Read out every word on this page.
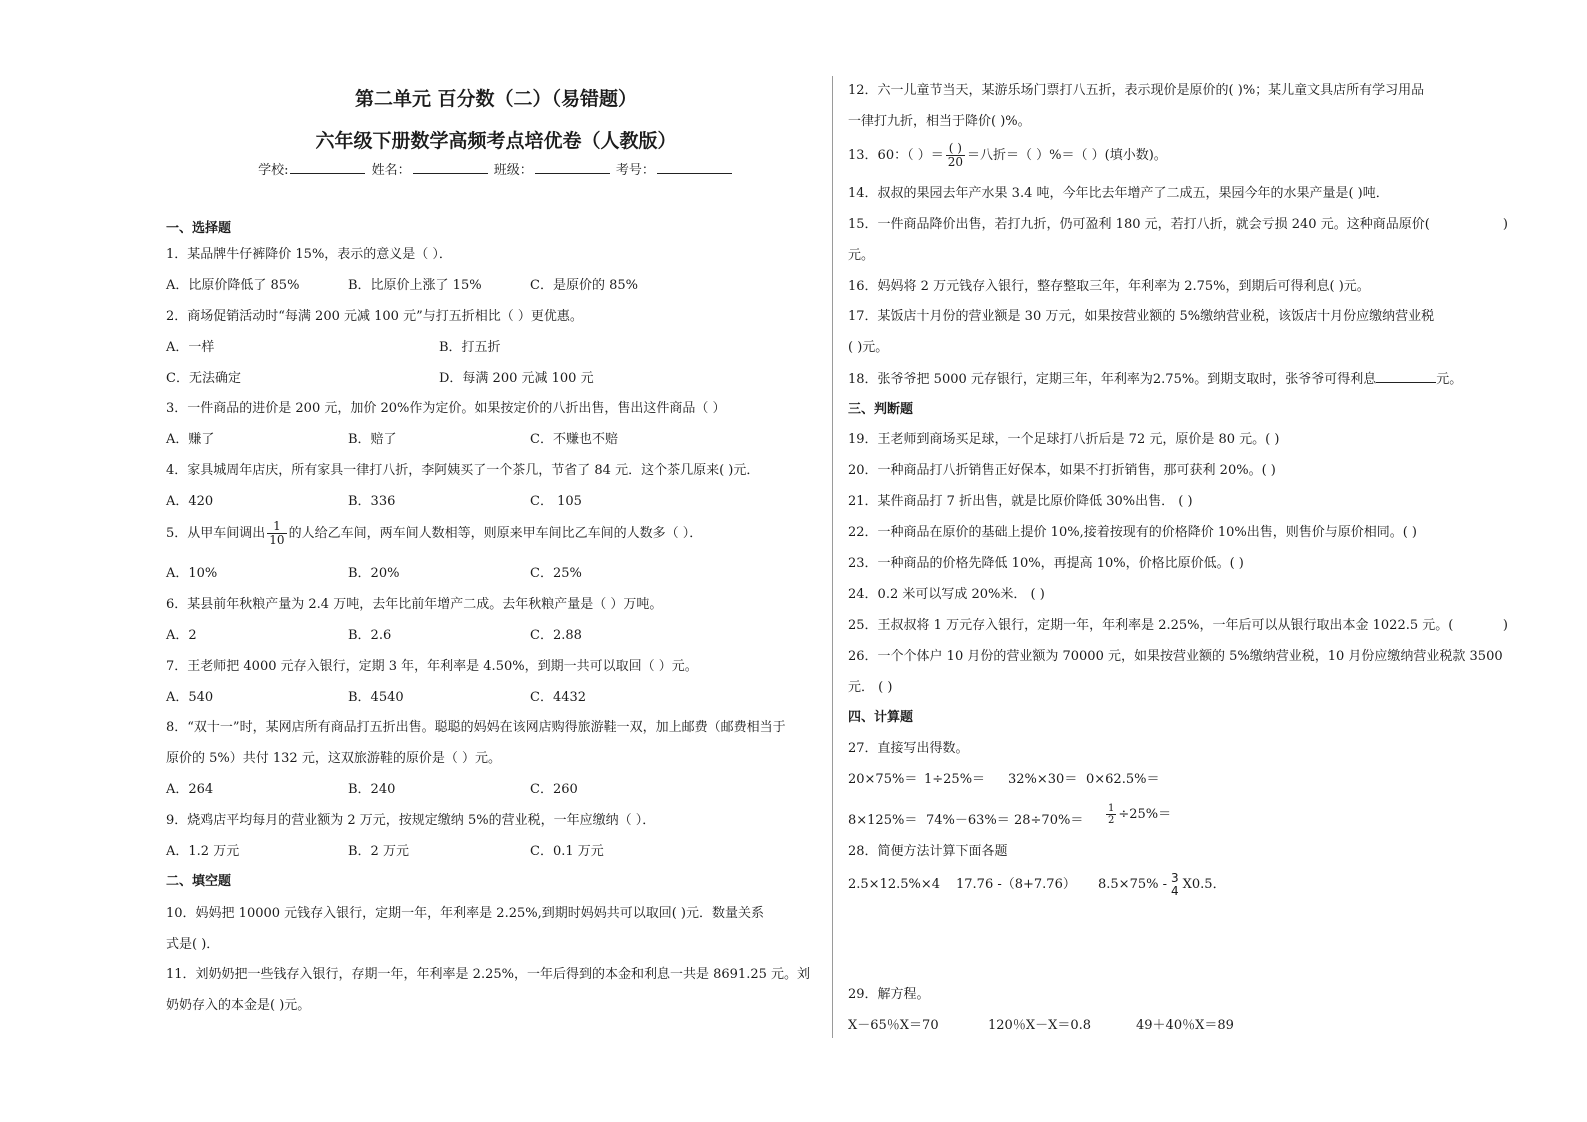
第二单元 百分数（二）（易错题）
六年级下册数学高频考点培优卷（人教版）
学校:	姓名：	班级：	考号：
一、选择题
1．某品牌牛仔裤降价 15%，表示的意义是（ ）．
A．比原价降低了 85%	B．比原价上涨了 15%	C．是原价的 85%
2．商场促销活动时“每满 200 元减 100 元”与打五折相比（ ）更优惠。
A．一样	B．打五折
C．无法确定	D．每满 200 元减 100 元
3．一件商品的进价是 200 元，加价 20%作为定价。如果按定价的八折出售，售出这件商品（ ）
A．赚了	B．赔了	C．不赚也不赔
4．家具城周年店庆，所有家具一律打八折，李阿姨买了一个茶几，节省了 84 元．这个茶几原来( )元．
A．420	B．336	C． 105
5．从甲车间调出 $\frac{1}{10}$ 的人给乙车间，两车间人数相等，则原来甲车间比乙车间的人数多（ ）．
A．10%	B．20%	C．25%
6．某县前年秋粮产量为 2.4 万吨，去年比前年增产二成。去年秋粮产量是（ ）万吨。
A．2	B．2.6	C．2.88
7．王老师把 4000 元存入银行，定期 3 年，年利率是 4.50%，到期一共可以取回（ ）元。
A．540	B．4540	C．4432
8．“双十一”时，某网店所有商品打五折出售。聪聪的妈妈在该网店购得旅游鞋一双，加上邮费（邮费相当于
原价的 5%）共付 132 元，这双旅游鞋的原价是（ ）元。
A．264	B．240	C．260
9．烧鸡店平均每月的营业额为 2 万元，按规定缴纳 5%的营业税，一年应缴纳（ ）．
A．1.2 万元	B．2 万元	C．0.1 万元
二、填空题
10．妈妈把 10000 元钱存入银行，定期一年，年利率是 2.25%,到期时妈妈共可以取回( )元．数量关系
式是( )．
11．刘奶奶把一些钱存入银行，存期一年，年利率是 2.25%，一年后得到的本金和利息一共是 8691.25 元。刘
奶奶存入的本金是( )元。
12．六一儿童节当天，某游乐场门票打八五折，表示现价是原价的( )%；某儿童文具店所有学习用品
一律打九折，相当于降价( )%。
13．60：（ ）＝ $\frac{( )}{20}$ ＝八折＝（ ）%＝（ ）(填小数)。
14．叔叔的果园去年产水果 3.4 吨，今年比去年增产了二成五，果园今年的水果产量是( )吨．
15．一件商品降价出售，若打九折，仍可盈利 180 元，若打八折，就会亏损 240 元。这种商品原价(	)
元。
16．妈妈将 2 万元钱存入银行，整存整取三年，年利率为 2.75%，到期后可得利息( )元。
17．某饭店十月份的营业额是 30 万元，如果按营业额的 5%缴纳营业税，该饭店十月份应缴纳营业税
( )元。
18．张爷爷把 5000 元存银行，定期三年，年利率为2.75%。到期支取时，张爷爷可得利息	元。
三、判断题
19．王老师到商场买足球，一个足球打八折后是 72 元，原价是 80 元。( )
20．一种商品打八折销售正好保本，如果不打折销售，那可获利 20%。( )
21．某件商品打 7 折出售，就是比原价降低 30%出售． ( )
22．一种商品在原价的基础上提价 10%,接着按现有的价格降价 10%出售，则售价与原价相同。( )
23．一种商品的价格先降低 10%，再提高 10%，价格比原价低。( )
24．0.2 米可以写成 20%米． ( )
25．王叔叔将 1 万元存入银行，定期一年，年利率是 2.25%，一年后可以从银行取出本金 1022.5 元。(	)
26．一个个体户 10 月份的营业额为 70000 元，如果按营业额的 5%缴纳营业税，10 月份应缴纳营业税款 3500
元． ( )
四、计算题
27．直接写出得数。
20×75%＝ 1÷25%＝ 32%×30＝ 0×62.5%＝
$8\times 125\%= 74\%-63\%= 28\div 70\%= \frac{1}{2} \div 25\%=$
28．简便方法计算下面各题
2.5×12.5%×4 17.76 -（8+7.76） 8.5×75% - 3
4 X0.5．
29．解方程。
X－65％X＝70	120％X－X＝0.8	49＋40％X＝89
